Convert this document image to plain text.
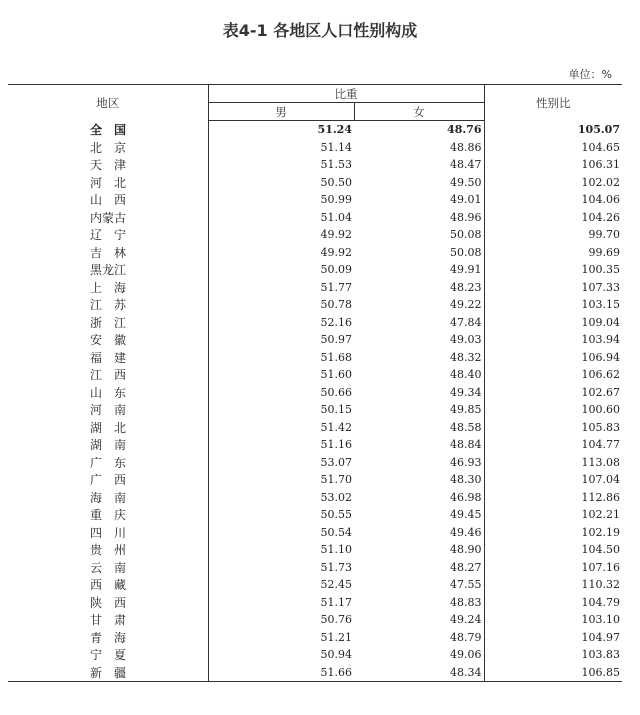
表4-1 各地区人口性别构成
单位：%
地区	比重		性别比
	男	女	
全　国	51.24	48.76	105.07
北　京	51.14	48.86	104.65
天　津	51.53	48.47	106.31
河　北	50.50	49.50	102.02
山　西	50.99	49.01	104.06
内蒙古	51.04	48.96	104.26
辽　宁	49.92	50.08	99.70
吉　林	49.92	50.08	99.69
黑龙江	50.09	49.91	100.35
上　海	51.77	48.23	107.33
江　苏	50.78	49.22	103.15
浙　江	52.16	47.84	109.04
安　徽	50.97	49.03	103.94
福　建	51.68	48.32	106.94
江　西	51.60	48.40	106.62
山　东	50.66	49.34	102.67
河　南	50.15	49.85	100.60
湖　北	51.42	48.58	105.83
湖　南	51.16	48.84	104.77
广　东	53.07	46.93	113.08
广　西	51.70	48.30	107.04
海　南	53.02	46.98	112.86
重　庆	50.55	49.45	102.21
四　川	50.54	49.46	102.19
贵　州	51.10	48.90	104.50
云　南	51.73	48.27	107.16
西　藏	52.45	47.55	110.32
陕　西	51.17	48.83	104.79
甘　肃	50.76	49.24	103.10
青　海	51.21	48.79	104.97
宁　夏	50.94	49.06	103.83
新　疆	51.66	48.34	106.85
